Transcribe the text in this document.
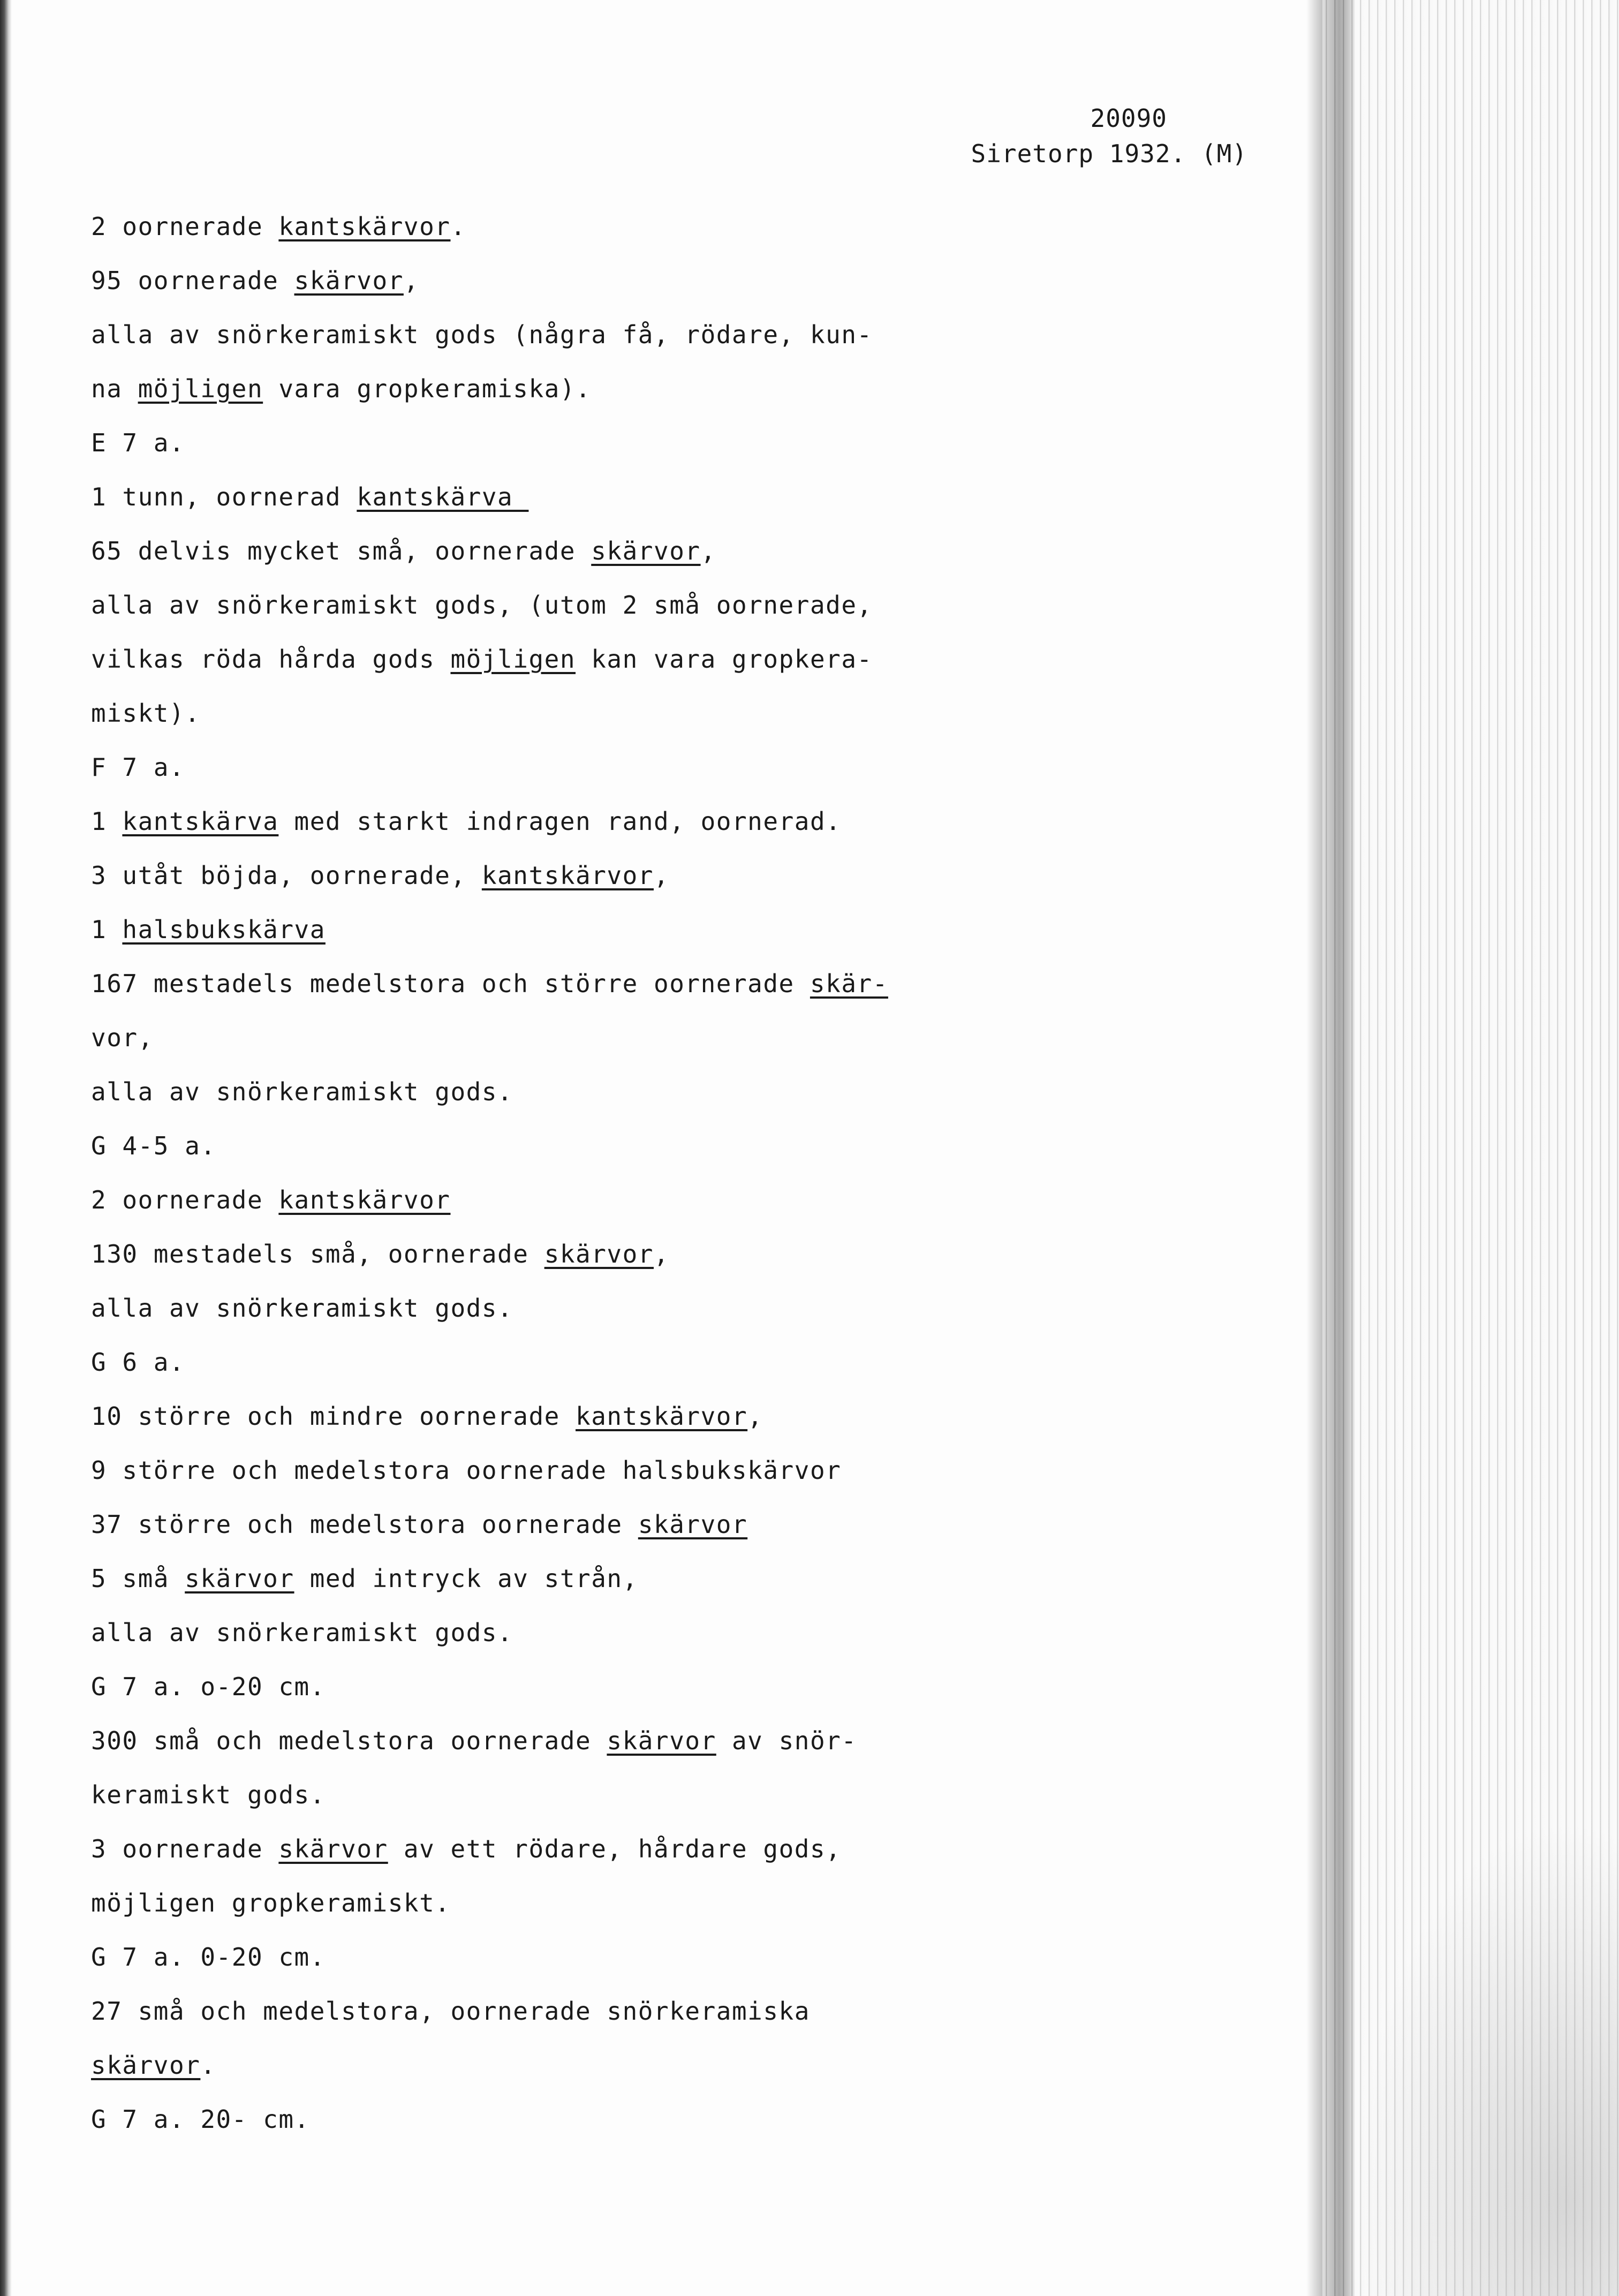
20090
Siretorp 1932. (M)
2 oornerade kantskärvor.
95 oornerade skärvor,
alla av snörkeramiskt gods (några få, rödare, kun-
na möjligen vara gropkeramiska).
E 7 a.
1 tunn, oornerad kantskärva
65 delvis mycket små, oornerade skärvor,
alla av snörkeramiskt gods, (utom 2 små oornerade,
vilkas röda hårda gods möjligen kan vara gropkera-
miskt).
F 7 a.
1 kantskärva med starkt indragen rand, oornerad.
3 utåt böjda, oornerade, kantskärvor,
1 halsbukskärva
167 mestadels medelstora och större oornerade skär-
vor,
alla av snörkeramiskt gods.
G 4-5 a.
2 oornerade kantskärvor
130 mestadels små, oornerade skärvor,
alla av snörkeramiskt gods.
G 6 a.
10 större och mindre oornerade kantskärvor,
9 större och medelstora oornerade halsbukskärvor
37 större och medelstora oornerade skärvor
5 små skärvor med intryck av strån,
alla av snörkeramiskt gods.
G 7 a. o-20 cm.
300 små och medelstora oornerade skärvor av snör-
keramiskt gods.
3 oornerade skärvor av ett rödare, hårdare gods,
möjligen gropkeramiskt.
G 7 a. 0-20 cm.
27 små och medelstora, oornerade snörkeramiska
skärvor.
G 7 a. 20- cm.
